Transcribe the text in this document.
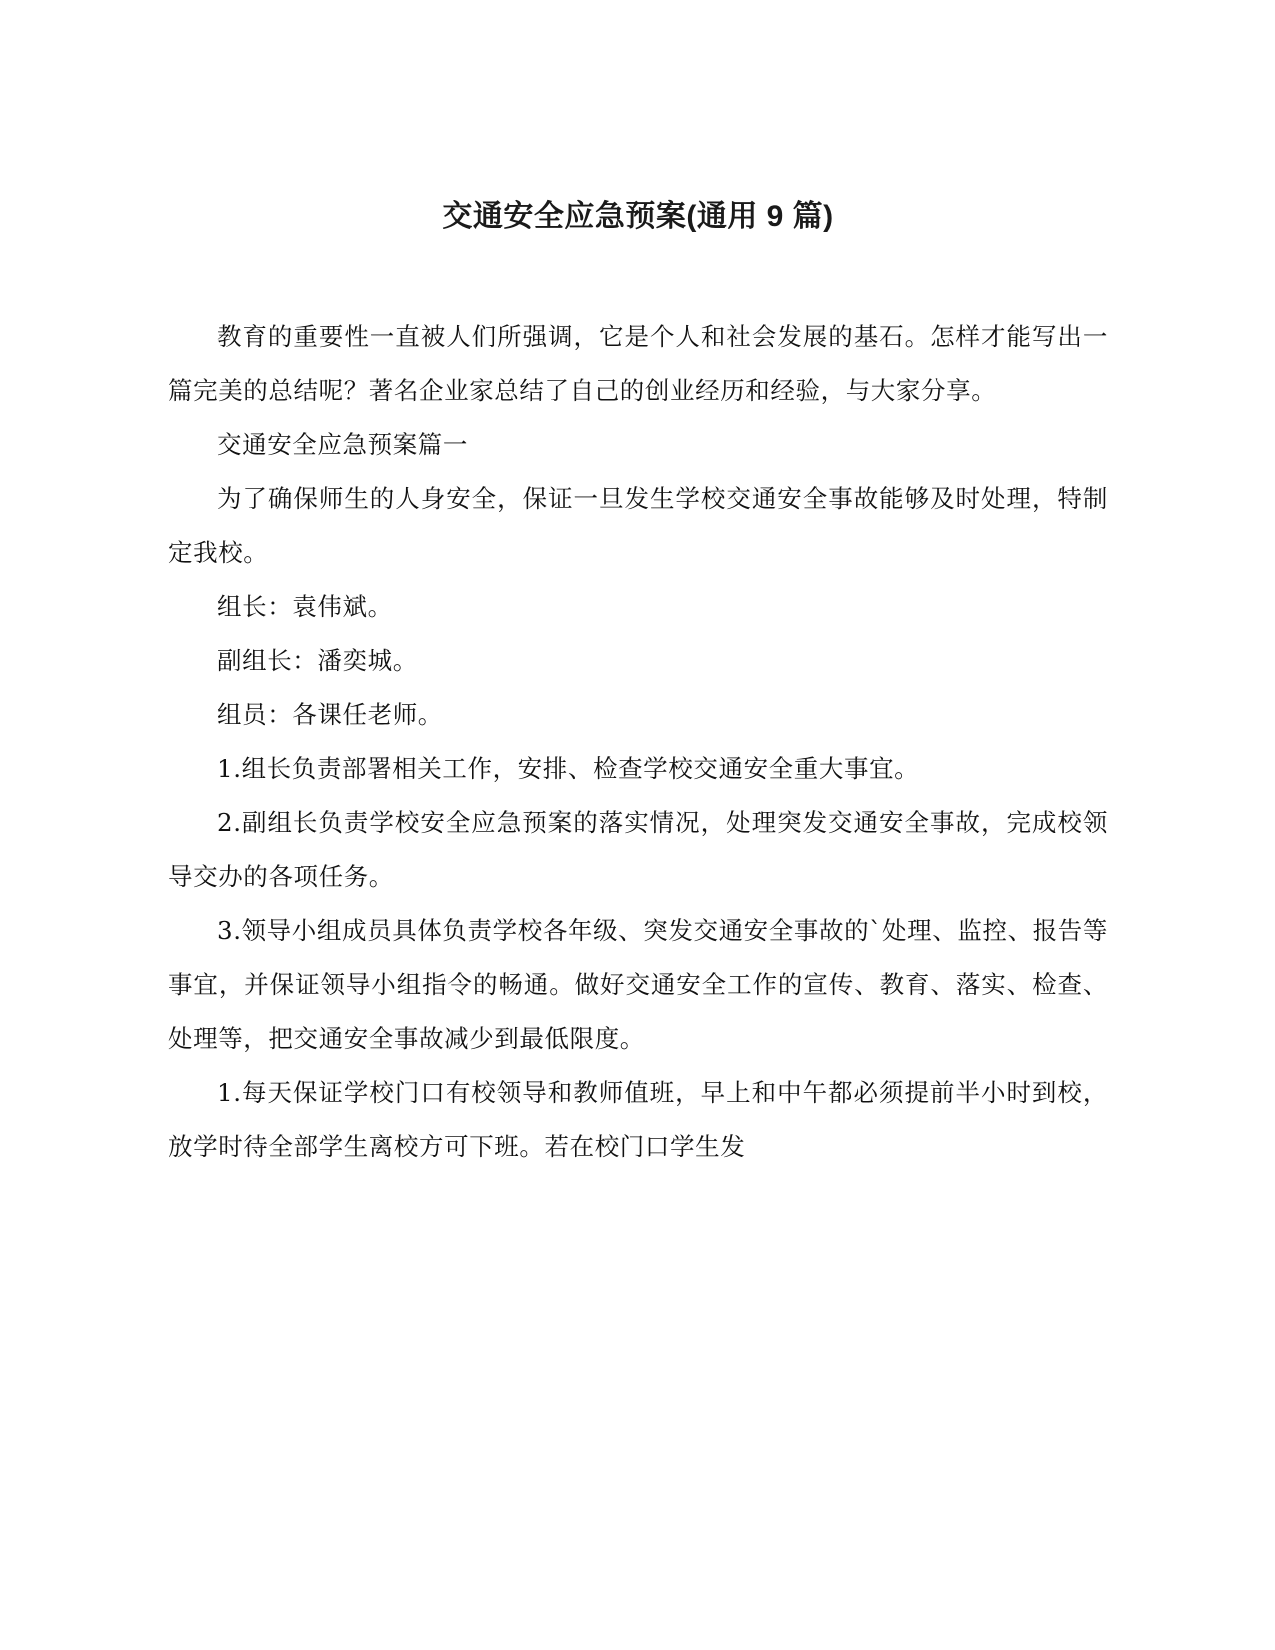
交通安全应急预案(通用 9 篇)

教育的重要性一直被人们所强调，它是个人和社会发展的基石。怎样才能写出一篇完美的总结呢？著名企业家总结了自己的创业经历和经验，与大家分享。

交通安全应急预案篇一

为了确保师生的人身安全，保证一旦发生学校交通安全事故能够及时处理，特制定我校。

组长：袁伟斌。

副组长：潘奕城。

组员：各课任老师。

1.组长负责部署相关工作，安排、检查学校交通安全重大事宜。

2.副组长负责学校安全应急预案的落实情况，处理突发交通安全事故，完成校领导交办的各项任务。

3.领导小组成员具体负责学校各年级、突发交通安全事故的`处理、监控、报告等事宜，并保证领导小组指令的畅通。做好交通安全工作的宣传、教育、落实、检查、处理等，把交通安全事故减少到最低限度。

1.每天保证学校门口有校领导和教师值班，早上和中午都必须提前半小时到校，放学时待全部学生离校方可下班。若在校门口学生发
